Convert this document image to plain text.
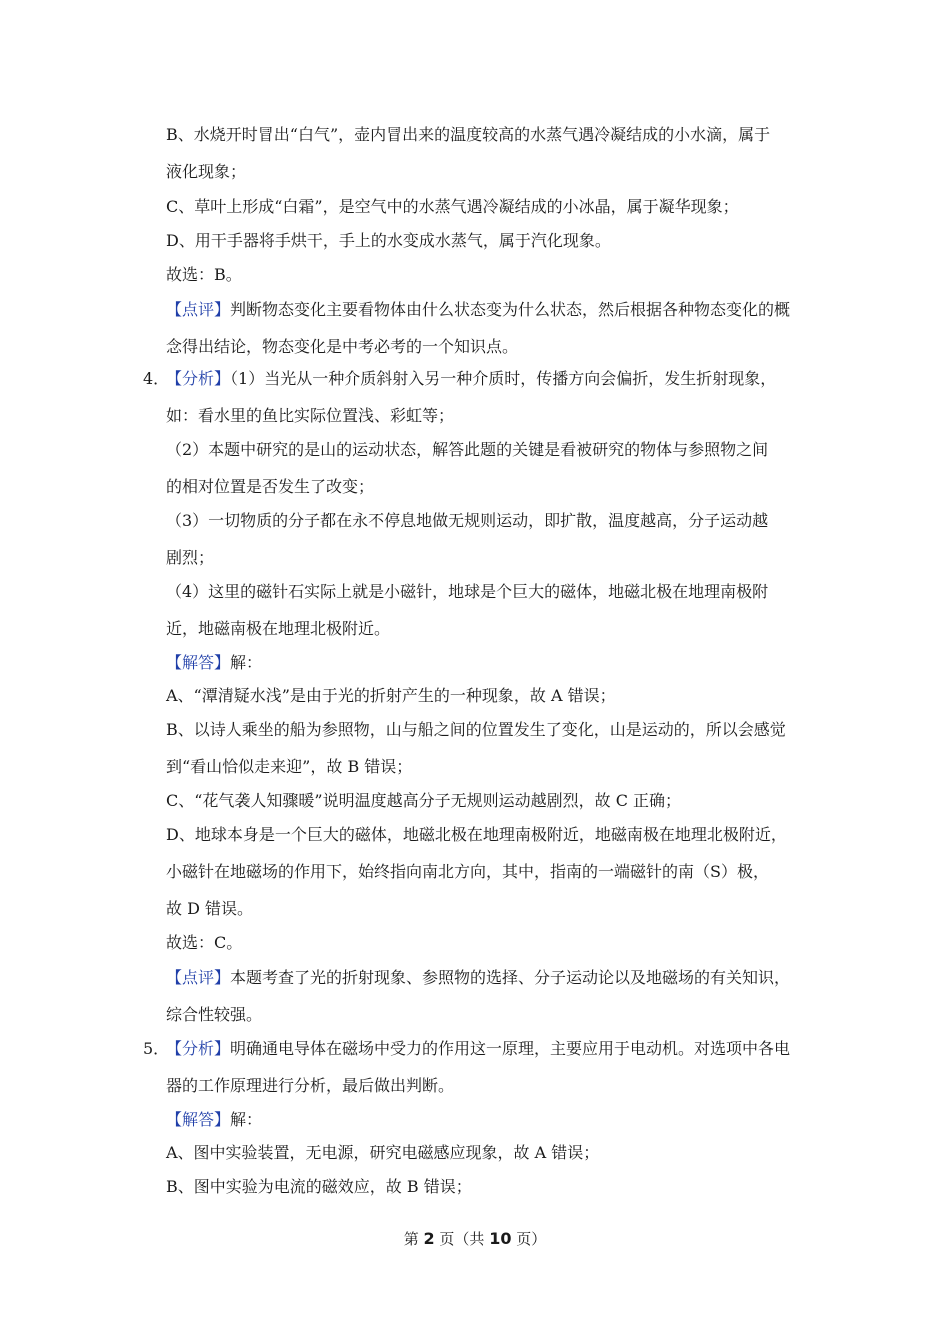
B、水烧开时冒出“白气”，壶内冒出来的温度较高的水蒸气遇冷凝结成的小水滴，属于
液化现象；
C、草叶上形成“白霜”，是空气中的水蒸气遇冷凝结成的小冰晶，属于凝华现象；
D、用干手器将手烘干，手上的水变成水蒸气，属于汽化现象。
故选：B。
【点评】判断物态变化主要看物体由什么状态变为什么状态，然后根据各种物态变化的概
念得出结论，物态变化是中考必考的一个知识点。
4．
【分析】（1）当光从一种介质斜射入另一种介质时，传播方向会偏折，发生折射现象，
如：看水里的鱼比实际位置浅、彩虹等；
（2）本题中研究的是山的运动状态，解答此题的关键是看被研究的物体与参照物之间
的相对位置是否发生了改变；
（3）一切物质的分子都在永不停息地做无规则运动，即扩散，温度越高，分子运动越
剧烈；
（4）这里的磁针石实际上就是小磁针，地球是个巨大的磁体，地磁北极在地理南极附
近，地磁南极在地理北极附近。
【解答】解：
A、“潭清疑水浅”是由于光的折射产生的一种现象，故 A 错误；
B、以诗人乘坐的船为参照物，山与船之间的位置发生了变化，山是运动的，所以会感觉
到“看山恰似走来迎”，故 B 错误；
C、“花气袭人知骤暖”说明温度越高分子无规则运动越剧烈，故 C 正确；
D、地球本身是一个巨大的磁体，地磁北极在地理南极附近，地磁南极在地理北极附近，
小磁针在地磁场的作用下，始终指向南北方向，其中，指南的一端磁针的南（S）极，
故 D 错误。
故选：C。
【点评】本题考查了光的折射现象、参照物的选择、分子运动论以及地磁场的有关知识，
综合性较强。
5．
【分析】明确通电导体在磁场中受力的作用这一原理，主要应用于电动机。对选项中各电
器的工作原理进行分析，最后做出判断。
【解答】解：
A、图中实验装置，无电源，研究电磁感应现象，故 A 错误；
B、图中实验为电流的磁效应，故 B 错误；
第 2 页（共 10 页）
